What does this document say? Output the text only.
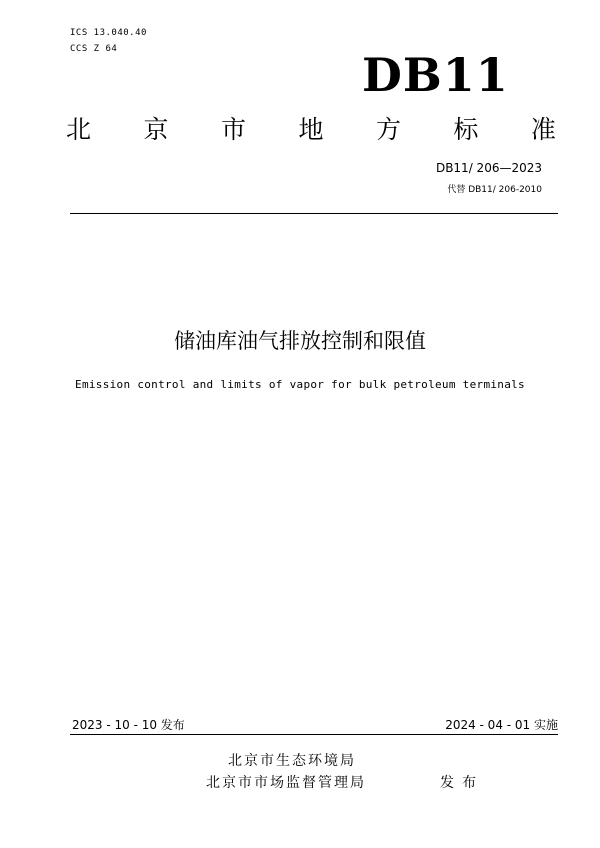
ICS 13.040.40
CCS Z 64	DB11
北 京 市 地 方 标 准
DB11/ 206—2023
代替 DB11/ 206-2010
储油库油气排放控制和限值
Emission control and limits of vapor for bulk petroleum terminals
2023 - 10 - 10 发布	2024 - 04 - 01 实施
北京市生态环境局
北京市市场监督管理局	发布
